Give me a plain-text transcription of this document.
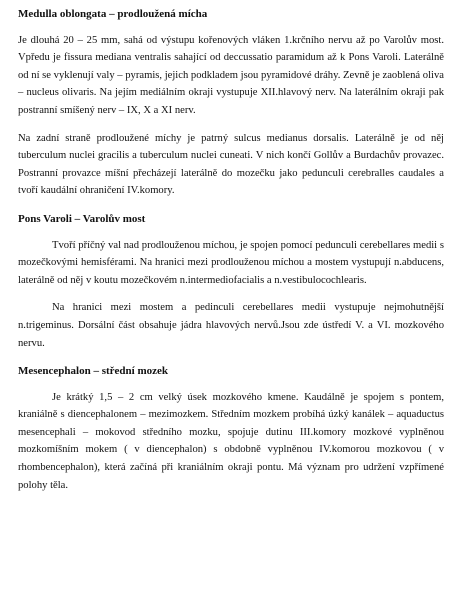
Medulla oblongata – prodloužená mícha

Je dlouhá 20 – 25 mm, sahá od výstupu kořenových vláken 1.krčního nervu až po Varolův most. Vpředu je fissura mediana ventralis sahající od deccussatio paramidum až k Pons Varoli. Laterálně od ní se vyklenují valy – pyramis, jejich podkladem jsou pyramidové dráhy. Zevně je zaoblená oliva – nucleus olivaris. Na jejím mediálním okraji vystupuje XII.hlavový nerv. Na laterálním okraji pak postranní smíšený nerv – IX, X a XI nerv.

Na zadní straně prodloužené míchy je patrný sulcus medianus dorsalis. Laterálně je od něj tuberculum nuclei gracilis a tuberculum nuclei cuneati. V nich končí Gollův a Burdachův provazec. Postranní provazce míšní přecházejí laterálně do mozečku jako pedunculi cerebralles caudales a tvoří kaudální ohraničení IV.komory.

Pons Varoli – Varolův most

Tvoří příčný val nad prodlouženou míchou, je spojen pomocí pedunculi cerebellares medii s mozečkovými hemisférami. Na hranici mezi prodlouženou míchou a mostem vystupují n.abducens, laterálně od něj v koutu mozečkovém n.intermediofacialis a n.vestibulocochlearis.

Na hranici mezi mostem a pedinculi cerebellares medii vystupuje nejmohutnější n.trigeminus. Dorsální část obsahuje jádra hlavových nervů.Jsou zde ústředí V. a VI. mozkového nervu.

Mesencephalon – střední mozek

Je krátký 1,5 – 2 cm velký úsek mozkového kmene. Kaudálně je spojem s pontem, kraniálně s diencephalonem – mezimozkem. Středním mozkem probíhá úzký kanálek – aquaductus mesencephali – mokovod středního mozku, spojuje dutinu III.komory mozkové vyplněnou mozkomíšním mokem ( v diencephalon) s obdobně vyplněnou IV.komorou mozkovou ( v rhombencephalon), která začíná při kraniálním okraji pontu. Má význam pro udržení vzpřímené polohy těla.
